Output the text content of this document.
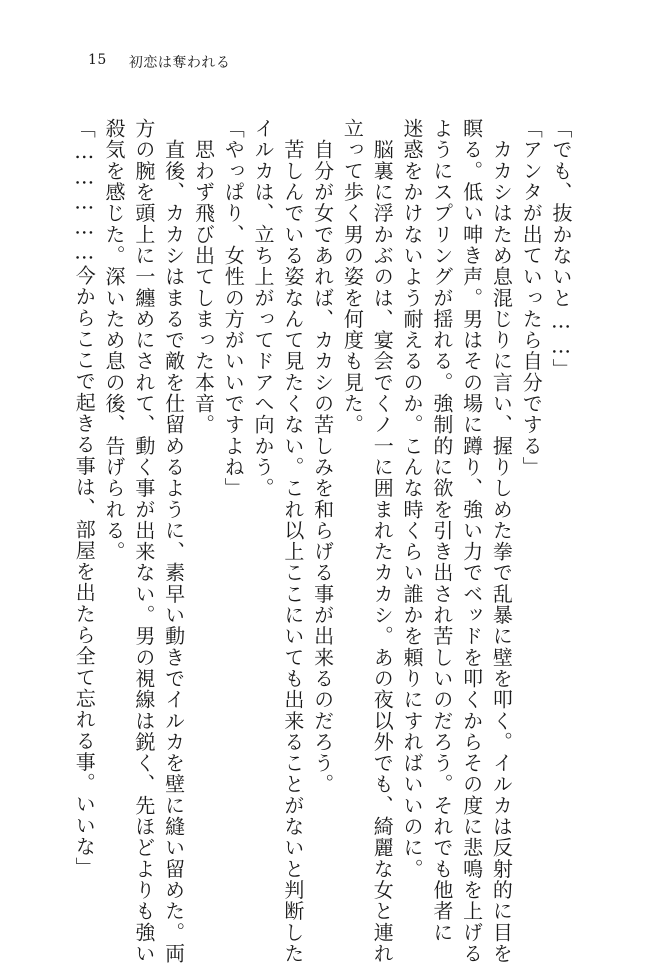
15 初恋は奪われる

「でも、抜かないと……」

「アンタが出ていったら自分でする」

　カカシはため息混じりに言い、握りしめた拳で乱暴に壁を叩く。イルカは反射的に目を

瞑る。低い呻き声。男はその場に蹲り、強い力でベッドを叩くからその度に悲鳴を上げる

ようにスプリングが揺れる。強制的に欲を引き出され苦しいのだろう。それでも他者に

迷惑をかけないよう耐えるのか。こんな時くらい誰かを頼りにすればいいのに。

　脳裏に浮かぶのは、宴会でくノ一に囲まれたカカシ。あの夜以外でも、綺麗な女と連れ

立って歩く男の姿を何度も見た。

　自分が女であれば、カカシの苦しみを和らげる事が出来るのだろう。

　苦しんでいる姿なんて見たくない。これ以上ここにいても出来ることがないと判断した

イルカは、立ち上がってドアへ向かう。

「やっぱり、女性の方がいいですよね」

　思わず飛び出てしまった本音。

　直後、カカシはまるで敵を仕留めるように、素早い動きでイルカを壁に縫い留めた。両

方の腕を頭上に一纏めにされて、動く事が出来ない。男の視線は鋭く、先ほどよりも強い

殺気を感じた。深いため息の後、告げられる。

「……………今からここで起きる事は、部屋を出たら全て忘れる事。いいな」
